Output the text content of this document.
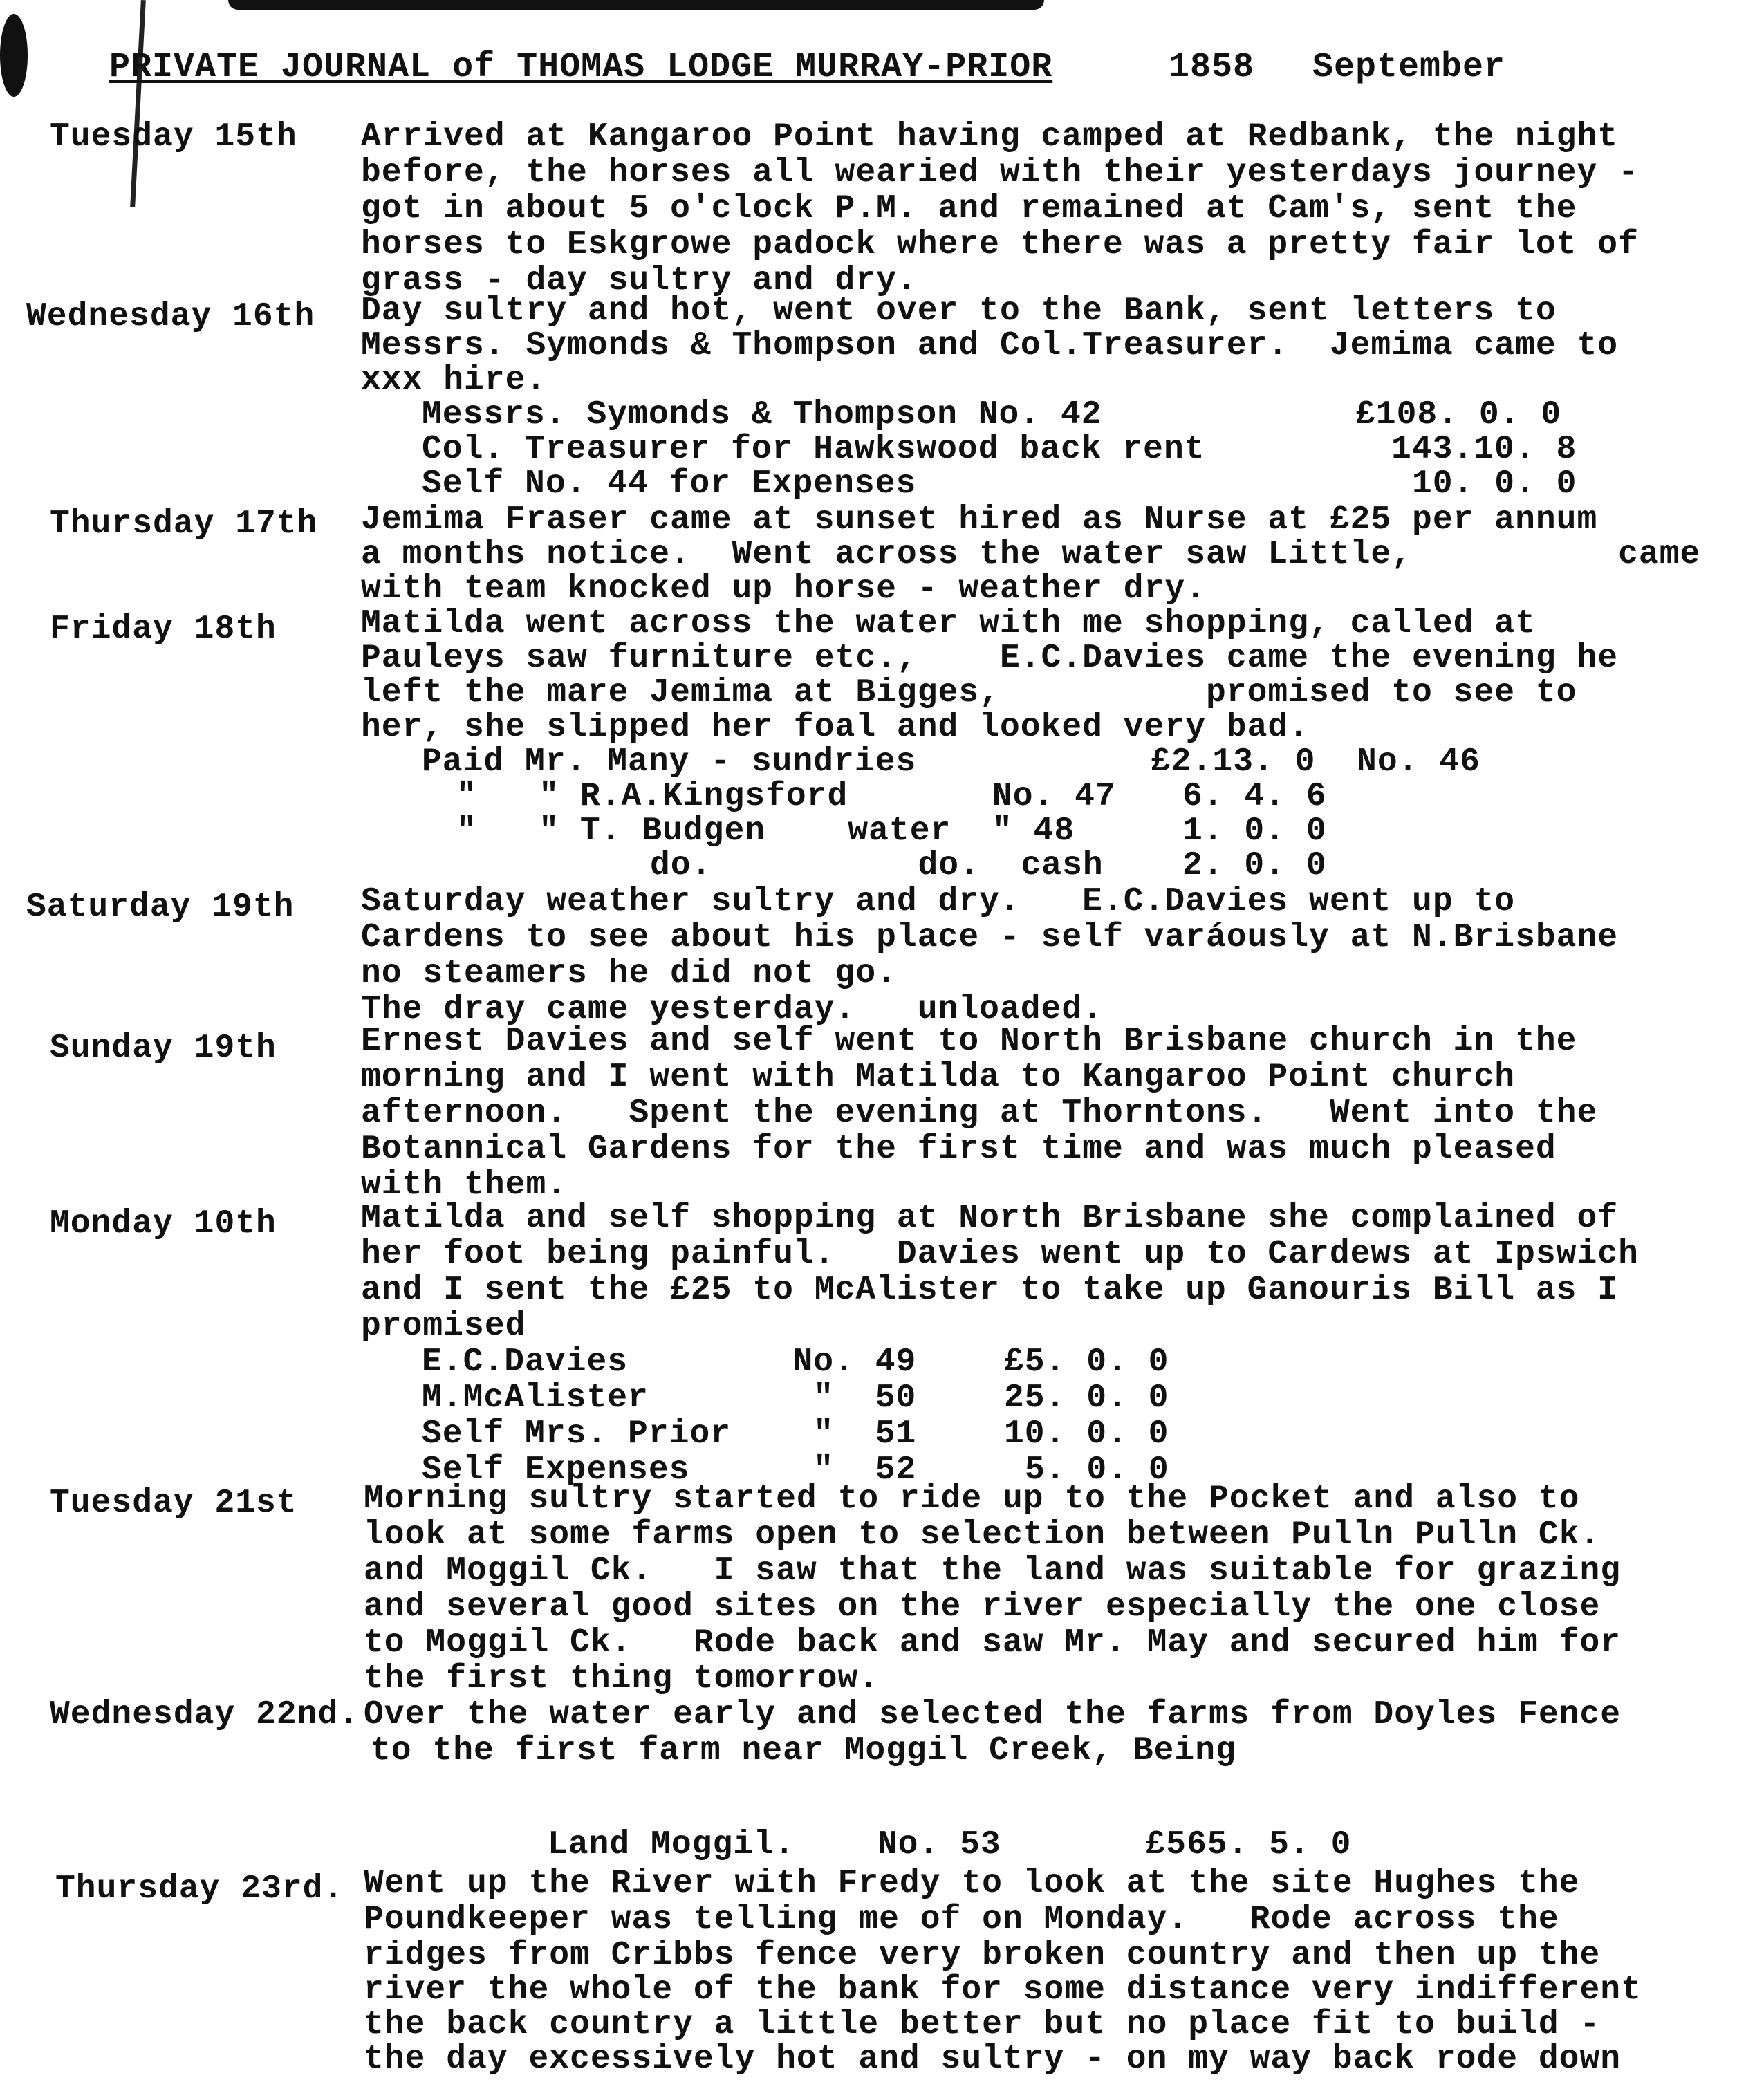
PRIVATE JOURNAL of THOMAS LODGE MURRAY-PRIOR	1858 September
Tuesday 15th Arrived at Kangaroo Point having camped at Redbank, the night
before, the horses all wearied with their yesterdays journey -
got in about 5 o'clock P.M. and remained at Cam's, sent the
horses to Eskgrowe padock where there was a pretty fair lot of
grass - day sultry and dry.
Wednesday 16th Day sultry and hot, went over to the Bank, sent letters to
Messrs. Symonds & Thompson and Col.Treasurer.  Jemima came to
xxx hire.
Messrs. Symonds & Thompson No. 42	£108. 0. 0
Col. Treasurer for Hawkswood back rent	143.10. 8
Self No. 44 for Expenses	10. 0. 0
Thursday 17th Jemima Fraser came at sunset hired as Nurse at £25 per annum
a months notice.  Went across the water saw Little,          came
with team knocked up horse - weather dry.
Friday 18th	Matilda went across the water with me shopping, called at
Pauleys saw furniture etc.,    E.C.Davies came the evening he
left the mare Jemima at Bigges,          promised to see to
her, she slipped her foal and looked very bad.
Paid Mr. Many - sundries	£2.13. 0  No. 46
"   " R.A.Kingsford       No. 47 6. 4. 6
"   " T. Budgen    water  " 48	1. 0. 0
do.          do.  cash 2. 0. 0
Saturday 19th Saturday weather sultry and dry.   E.C.Davies went up to
Cardens to see about his place - self varáously at N.Brisbane
no steamers he did not go.
The dray came yesterday.   unloaded.
Sunday 19th	Ernest Davies and self went to North Brisbane church in the
morning and I went with Matilda to Kangaroo Point church
afternoon.   Spent the evening at Thorntons.   Went into the
Botannical Gardens for the first time and was much pleased
with them.
Monday 10th	Matilda and self shopping at North Brisbane she complained of
her foot being painful.   Davies went up to Cardews at Ipswich
and I sent the £25 to McAlister to take up Ganouris Bill as I
promised
E.C.Davies        No. 49	£5. 0. 0
M.McAlister        "  50	25. 0. 0
Self Mrs. Prior    "  51	10. 0. 0
Self Expenses      "  52	5. 0. 0
Tuesday 21st Morning sultry started to ride up to the Pocket and also to
look at some farms open to selection between Pulln Pulln Ck.
and Moggil Ck.   I saw that the land was suitable for grazing
and several good sites on the river especially the one close
to Moggil Ck.   Rode back and saw Mr. May and secured him for
the first thing tomorrow.
Wednesday 22nd. Over the water early and selected the farms from Doyles Fence
to the first farm near Moggil Creek, Being
Land Moggil.    No. 53       £565. 5. 0
Thursday 23rd. Went up the River with Fredy to look at the site Hughes the
Poundkeeper was telling me of on Monday.   Rode across the
ridges from Cribbs fence very broken country and then up the
river the whole of the bank for some distance very indifferent
the back country a little better but no place fit to build -
the day excessively hot and sultry - on my way back rode down
